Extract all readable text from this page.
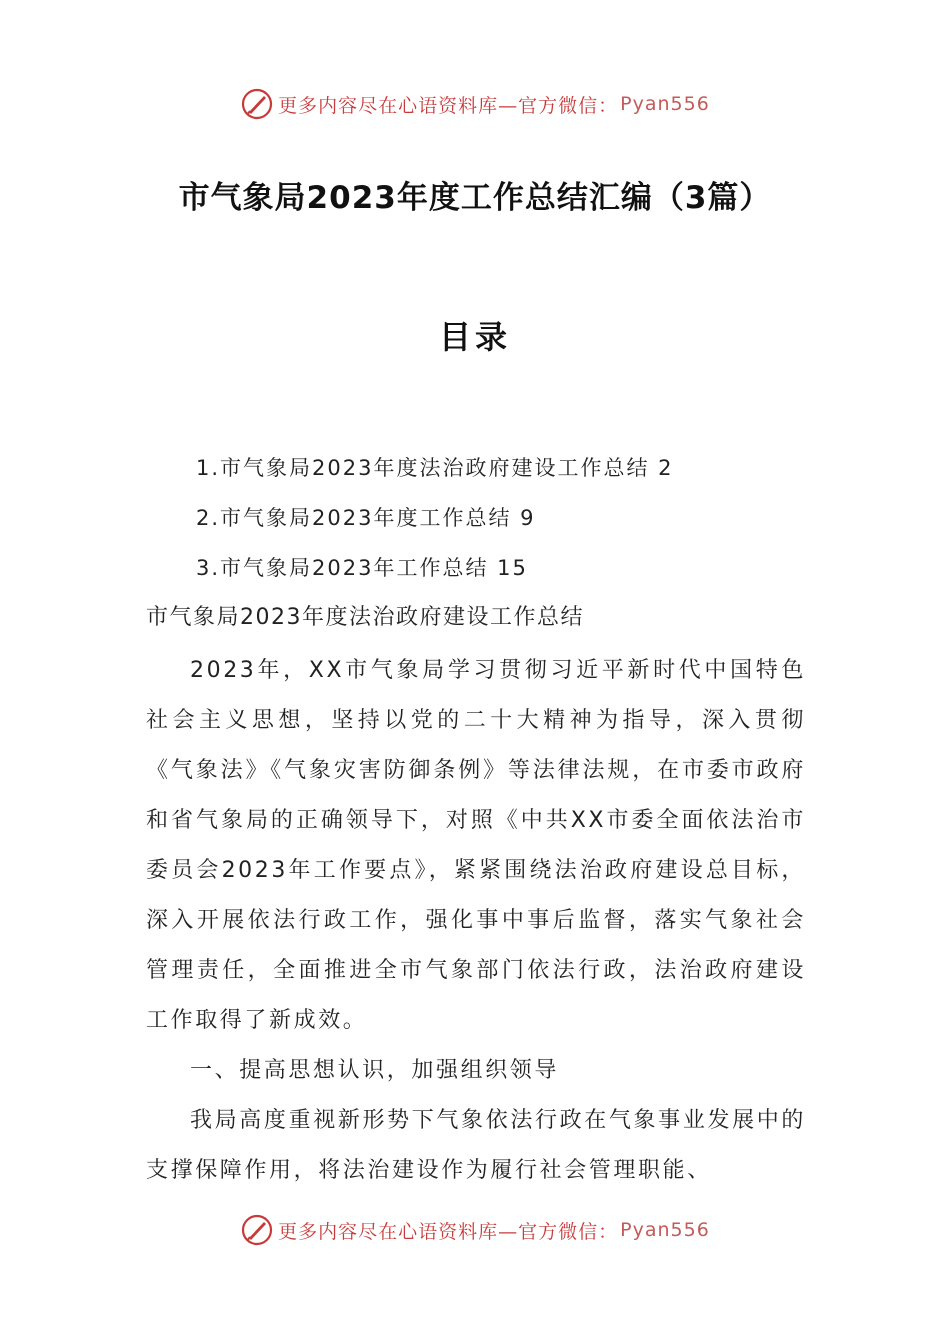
更多内容尽在心语资料库—官方微信： Pyan556
市气象局2023年度工作总结汇编（3篇）
目录
1.市气象局2023年度法治政府建设工作总结 2
2.市气象局2023年度工作总结 9
3.市气象局2023年工作总结 15
市气象局2023年度法治政府建设工作总结
2023年，XX市气象局学习贯彻习近平新时代中国特色社会主义思想，坚持以党的二十大精神为指导，深入贯彻《气象法》《气象灾害防御条例》等法律法规，在市委市政府和省气象局的正确领导下，对照《中共XX市委全面依法治市委员会2023年工作要点》，紧紧围绕法治政府建设总目标，深入开展依法行政工作，强化事中事后监督，落实气象社会管理责任，全面推进全市气象部门依法行政，法治政府建设工作取得了新成效。
一、提高思想认识，加强组织领导
我局高度重视新形势下气象依法行政在气象事业发展中的支撑保障作用，将法治建设作为履行社会管理职能、
更多内容尽在心语资料库—官方微信： Pyan556
